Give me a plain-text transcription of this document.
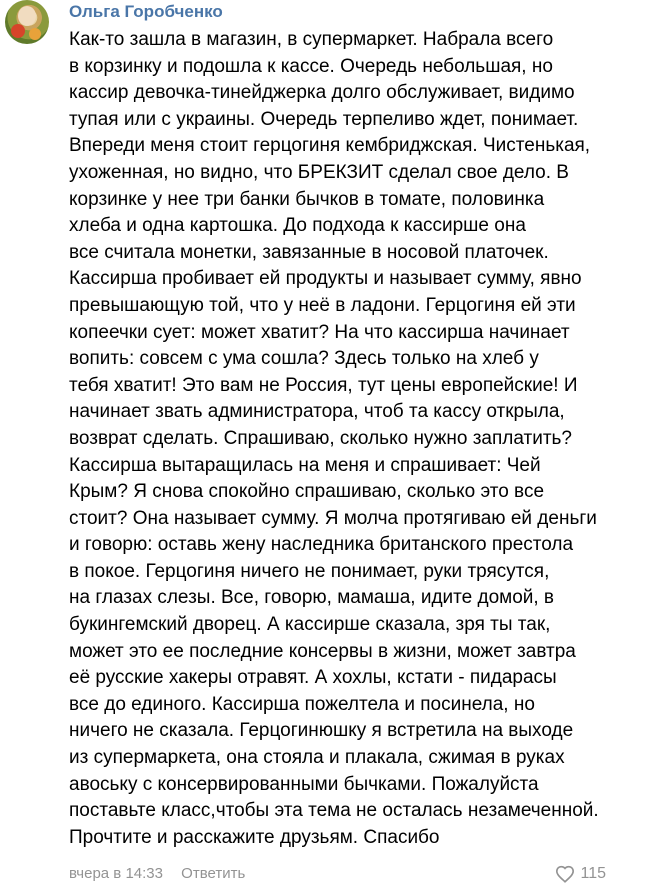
Ольга Горобченко
Как-то зашла в магазин, в супермаркет. Набрала всего
в корзинку и подошла к кассе. Очередь небольшая, но
кассир девочка-тинейджерка долго обслуживает, видимо
тупая или с украины. Очередь терпеливо ждет, понимает.
Впереди меня стоит герцогиня кембриджская. Чистенькая,
ухоженная, но видно, что БРЕКЗИТ сделал свое дело. В
корзинке у нее три банки бычков в томате, половинка
хлеба и одна картошка. До подхода к кассирше она
все считала монетки, завязанные в носовой платочек.
Кассирша пробивает ей продукты и называет сумму, явно
превышающую той, что у неё в ладони. Герцогиня ей эти
копеечки сует: может хватит? На что кассирша начинает
вопить: совсем с ума сошла? Здесь только на хлеб у
тебя хватит! Это вам не Россия, тут цены европейские! И
начинает звать администратора, чтоб та кассу открыла,
возврат сделать. Спрашиваю, сколько нужно заплатить?
Кассирша вытаращилась на меня и спрашивает: Чей
Крым? Я снова спокойно спрашиваю, сколько это все
стоит? Она называет сумму. Я молча протягиваю ей деньги
и говорю: оставь жену наследника британского престола
в покое. Герцогиня ничего не понимает, руки трясутся,
на глазах слезы. Все, говорю, мамаша, идите домой, в
букингемский дворец. А кассирше сказала, зря ты так,
может это ее последние консервы в жизни, может завтра
её русские хакеры отравят. А хохлы, кстати - пидарасы
все до единого. Кассирша пожелтела и посинела, но
ничего не сказала. Герцогинюшку я встретила на выходе
из супермаркета, она стояла и плакала, сжимая в руках
авоську с консервированными бычками. Пожалуйста
поставьте класс,чтобы эта тема не осталась незамеченной.
Прочтите и расскажите друзьям. Спасибо
вчера в 14:33 Ответить	115
